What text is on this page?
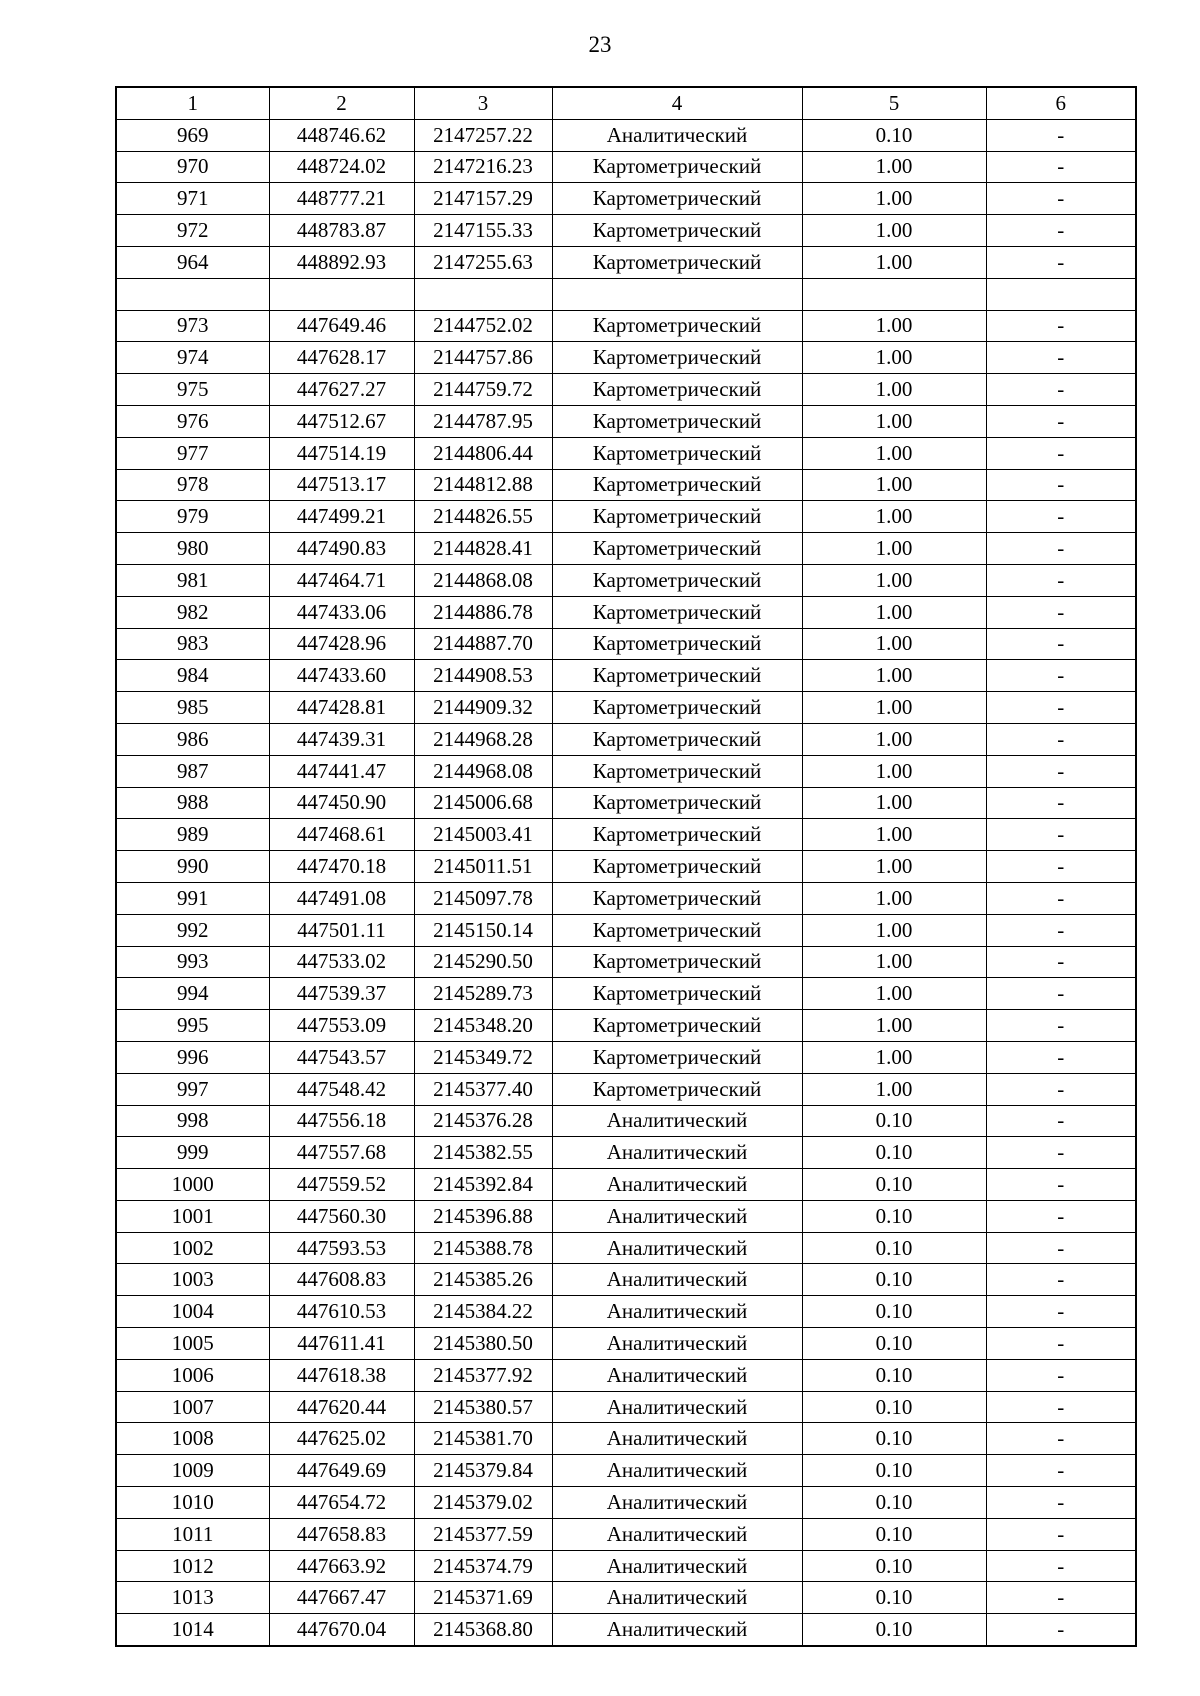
23
1	2	3	4	5	6
969	448746.62	2147257.22	Аналитический	0.10	-
970	448724.02	2147216.23	Картометрический	1.00	-
971	448777.21	2147157.29	Картометрический	1.00	-
972	448783.87	2147155.33	Картометрический	1.00	-
964	448892.93	2147255.63	Картометрический	1.00	-

973	447649.46	2144752.02	Картометрический	1.00	-
974	447628.17	2144757.86	Картометрический	1.00	-
975	447627.27	2144759.72	Картометрический	1.00	-
976	447512.67	2144787.95	Картометрический	1.00	-
977	447514.19	2144806.44	Картометрический	1.00	-
978	447513.17	2144812.88	Картометрический	1.00	-
979	447499.21	2144826.55	Картометрический	1.00	-
980	447490.83	2144828.41	Картометрический	1.00	-
981	447464.71	2144868.08	Картометрический	1.00	-
982	447433.06	2144886.78	Картометрический	1.00	-
983	447428.96	2144887.70	Картометрический	1.00	-
984	447433.60	2144908.53	Картометрический	1.00	-
985	447428.81	2144909.32	Картометрический	1.00	-
986	447439.31	2144968.28	Картометрический	1.00	-
987	447441.47	2144968.08	Картометрический	1.00	-
988	447450.90	2145006.68	Картометрический	1.00	-
989	447468.61	2145003.41	Картометрический	1.00	-
990	447470.18	2145011.51	Картометрический	1.00	-
991	447491.08	2145097.78	Картометрический	1.00	-
992	447501.11	2145150.14	Картометрический	1.00	-
993	447533.02	2145290.50	Картометрический	1.00	-
994	447539.37	2145289.73	Картометрический	1.00	-
995	447553.09	2145348.20	Картометрический	1.00	-
996	447543.57	2145349.72	Картометрический	1.00	-
997	447548.42	2145377.40	Картометрический	1.00	-
998	447556.18	2145376.28	Аналитический	0.10	-
999	447557.68	2145382.55	Аналитический	0.10	-
1000	447559.52	2145392.84	Аналитический	0.10	-
1001	447560.30	2145396.88	Аналитический	0.10	-
1002	447593.53	2145388.78	Аналитический	0.10	-
1003	447608.83	2145385.26	Аналитический	0.10	-
1004	447610.53	2145384.22	Аналитический	0.10	-
1005	447611.41	2145380.50	Аналитический	0.10	-
1006	447618.38	2145377.92	Аналитический	0.10	-
1007	447620.44	2145380.57	Аналитический	0.10	-
1008	447625.02	2145381.70	Аналитический	0.10	-
1009	447649.69	2145379.84	Аналитический	0.10	-
1010	447654.72	2145379.02	Аналитический	0.10	-
1011	447658.83	2145377.59	Аналитический	0.10	-
1012	447663.92	2145374.79	Аналитический	0.10	-
1013	447667.47	2145371.69	Аналитический	0.10	-
1014	447670.04	2145368.80	Аналитический	0.10	-
